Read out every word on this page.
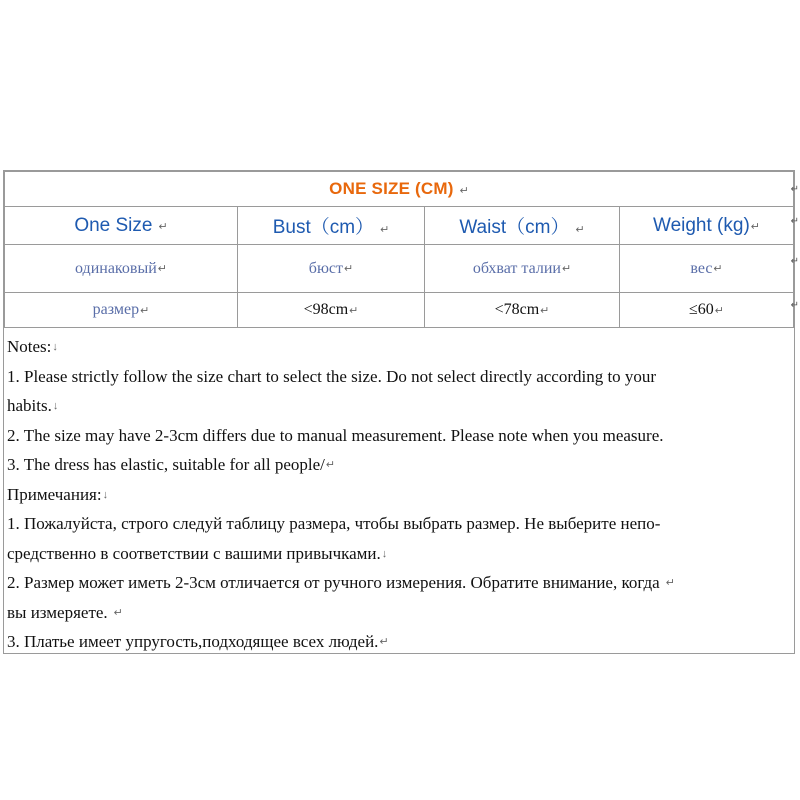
ONE SIZE (CM) ↵			
One Size ↵	Bust（cm） ↵	Waist（cm） ↵	Weight (kg)↵
одинаковый↵	бюст↵	обхват талии↵	вес↵
размер↵	<98cm↵	<78cm↵	≤60↵
Notes:↓
1. Please strictly follow the size chart to select the size. Do not select directly according to your
habits.↓
2. The size may have 2-3cm differs due to manual measurement. Please note when you measure.
3. The dress has elastic, suitable for all people/↵
Примечания:↓
1. Пожалуйста, строго следуй таблицу размера, чтобы выбрать размер. Не выберите непо-
средственно в соответствии с вашими привычками.↓
2. Размер может иметь 2-3см отличается от ручного измерения. Обратите внимание, когда ↵
вы измеряете. ↵
3. Платье имеет упругость,подходящее всех людей.↵
↵
↵
↵
↵
